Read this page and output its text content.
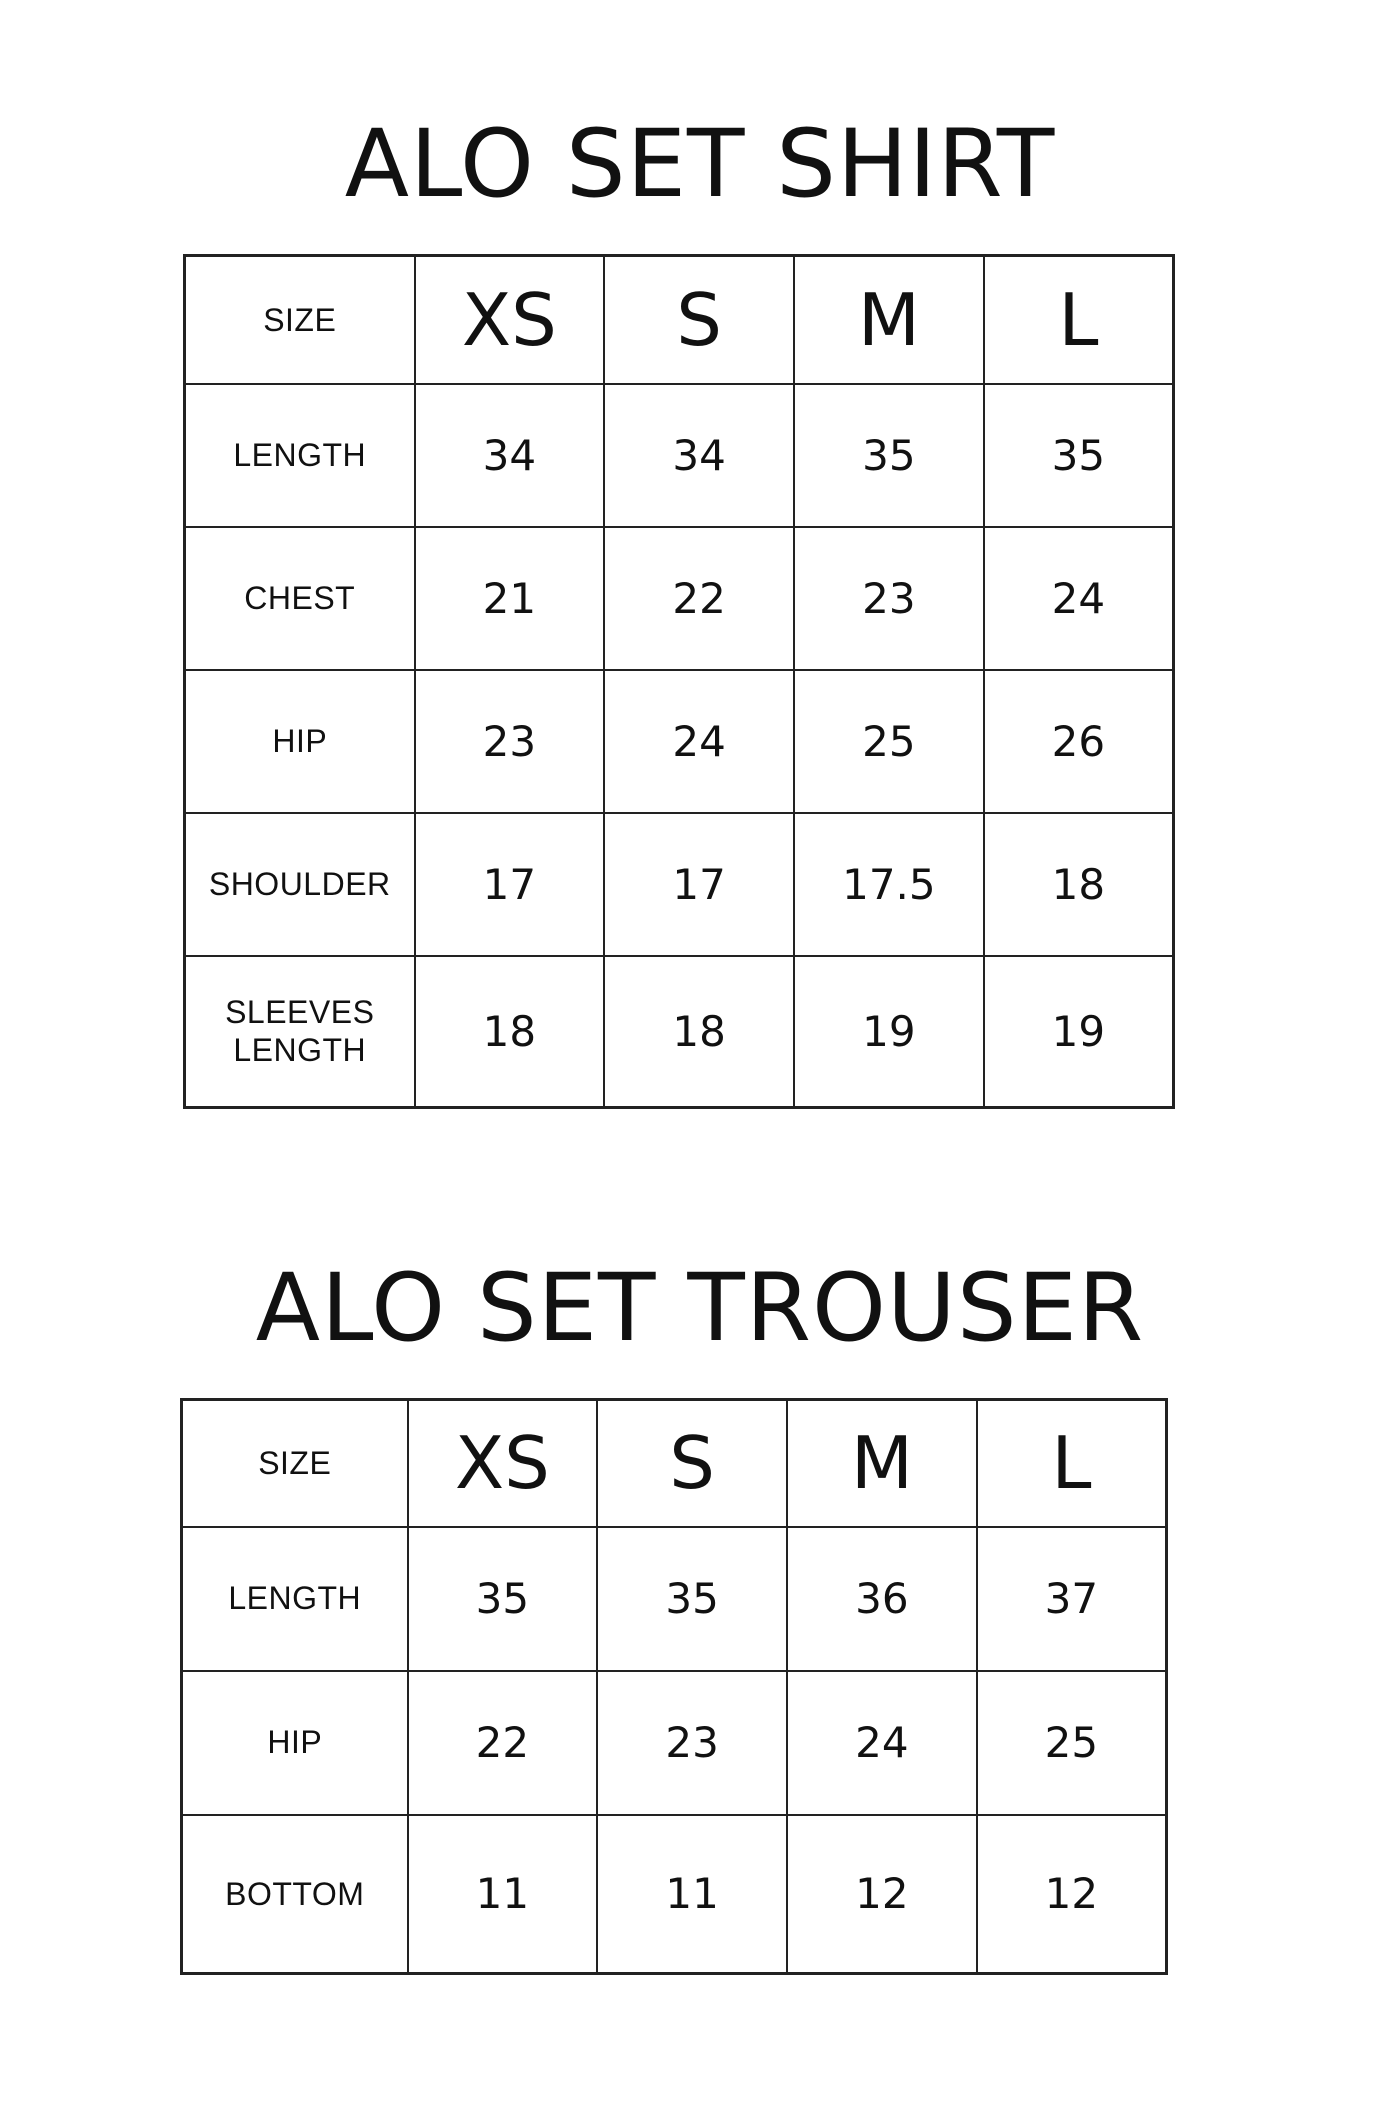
ALO SET SHIRT
SIZE	XS	S	M	L
LENGTH	34	34	35	35
CHEST	21	22	23	24
HIP	23	24	25	26
SHOULDER	17	17	17.5	18
SLEEVES
LENGTH	18	18	19	19
ALO SET TROUSER
SIZE	XS	S	M	L
LENGTH	35	35	36	37
HIP	22	23	24	25
BOTTOM	11	11	12	12
